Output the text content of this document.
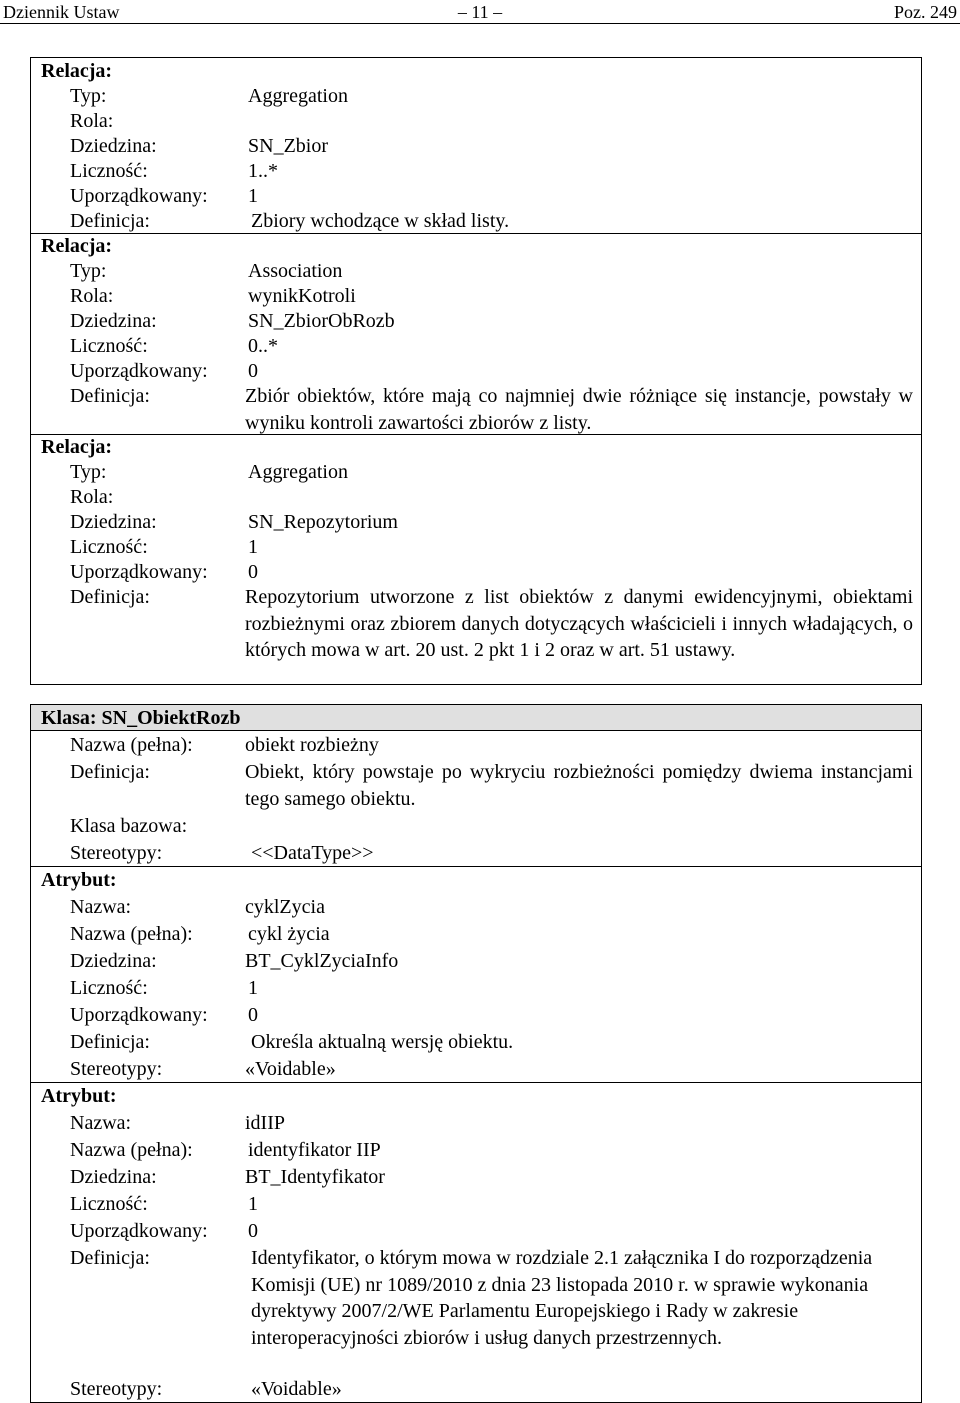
Dziennik Ustaw	– 11 –	Poz. 249
Relacja:
Typ:	Aggregation
Rola:
Dziedzina:	SN_Zbior
Liczność:	1..*
Uporządkowany: 1
Definicja:	Zbiory wchodzące w skład listy.
Relacja:
Typ:	Association
Rola:	wynikKotroli
Dziedzina:	SN_ZbiorObRozb
Liczność:	0..*
Uporządkowany: 0
Definicja:	Zbiór obiektów, które mają co najmniej dwie różniące się instancje, powstały w wyniku kontroli zawartości zbiorów z listy.
Relacja:
Typ:	Aggregation
Rola:
Dziedzina:	SN_Repozytorium
Liczność:	1
Uporządkowany: 0
Definicja:	Repozytorium utworzone z list obiektów z danymi ewidencyjnymi, obiektami rozbieżnymi oraz zbiorem danych dotyczących właścicieli i innych władających, o których mowa w art. 20 ust. 2 pkt 1 i 2 oraz w art. 51 ustawy.
Klasa: SN_ObiektRozb
Nazwa (pełna):	obiekt rozbieżny
Definicja:	Obiekt, który powstaje po wykryciu rozbieżności pomiędzy dwiema instancjami tego samego obiektu.
Klasa bazowa:
Stereotypy:	<<DataType>>
Atrybut:
Nazwa:	cyklZycia
Nazwa (pełna):	cykl życia
Dziedzina:	BT_CyklZyciaInfo
Liczność:	1
Uporządkowany: 0
Definicja:	Określa aktualną wersję obiektu.
Stereotypy:	«Voidable»
Atrybut:
Nazwa:	idIIP
Nazwa (pełna):	identyfikator IIP
Dziedzina:	BT_Identyfikator
Liczność:	1
Uporządkowany: 0
Definicja:	Identyfikator, o którym mowa w rozdziale 2.1 załącznika I do rozporządzenia Komisji (UE) nr 1089/2010 z dnia 23 listopada 2010 r. w sprawie wykonania dyrektywy 2007/2/WE Parlamentu Europejskiego i Rady w zakresie interoperacyjności zbiorów i usług danych przestrzennych.
Stereotypy:	«Voidable»
